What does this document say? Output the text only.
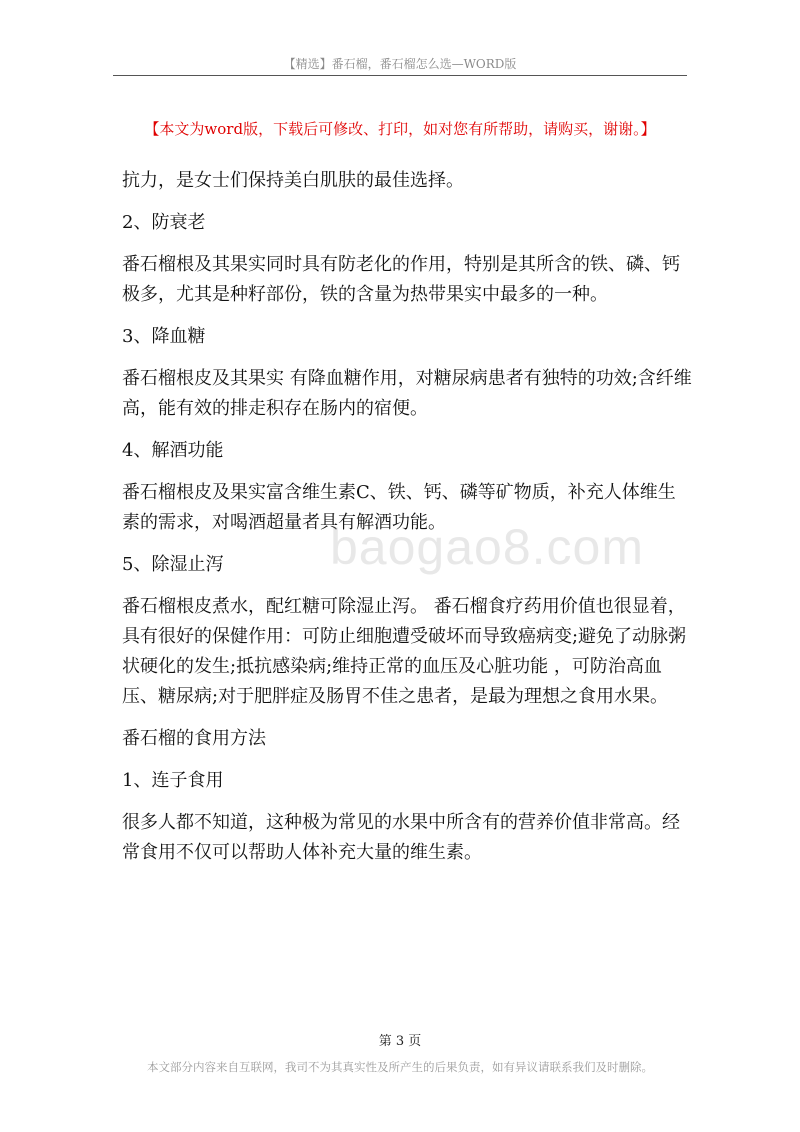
【精选】番石榴，番石榴怎么选—WORD版
【本文为word版，下载后可修改、打印，如对您有所帮助，请购买，谢谢。】

抗力，是女士们保持美白肌肤的最佳选择。

2、防衰老

番石榴根及其果实同时具有防老化的作用，特别是其所含的铁、磷、钙极多，尤其是种籽部份，铁的含量为热带果实中最多的一种。

3、降血糖

番石榴根皮及其果实 有降血糖作用，对糖尿病患者有独特的功效;含纤维高，能有效的排走积存在肠内的宿便。

4、解酒功能

番石榴根皮及果实富含维生素C、铁、钙、磷等矿物质，补充人体维生素的需求，对喝酒超量者具有解酒功能。

5、除湿止泻

番石榴根皮煮水，配红糖可除湿止泻。 番石榴食疗药用价值也很显着，具有很好的保健作用：可防止细胞遭受破坏而导致癌病变;避免了动脉粥状硬化的发生;抵抗感染病;维持正常的血压及心脏功能 ，可防治高血压、糖尿病;对于肥胖症及肠胃不佳之患者，是最为理想之食用水果。

番石榴的食用方法

1、连子食用

很多人都不知道，这种极为常见的水果中所含有的营养价值非常高。经常食用不仅可以帮助人体补充大量的维生素。

baogao8.com
第 3 页
本文部分内容来自互联网，我司不为其真实性及所产生的后果负责，如有异议请联系我们及时删除。
